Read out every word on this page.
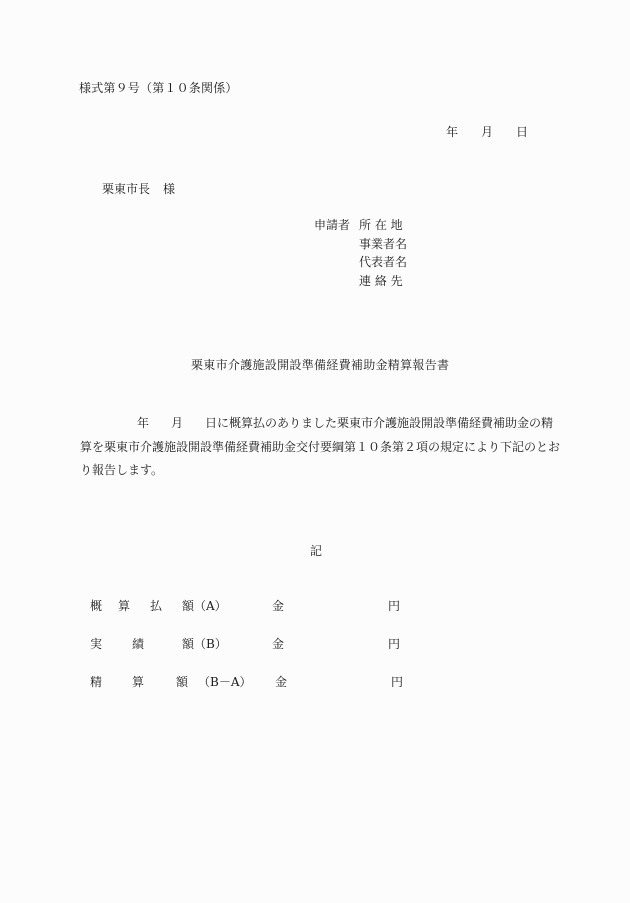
様式第９号（第１０条関係）
年 月 日
栗東市長 様
申請者 所 在 地
事業者名
代表者名
連 絡 先
栗東市介護施設開設準備経費補助金精算報告書
年 月 日に概算払のありました栗東市介護施設開設準備経費補助金の精
算を栗東市介護施設開設準備経費補助金交付要綱第１０条第２項の規定により下記のとお
り報告します。
記
概 算 払 額（A）	金	円
実 績	額（B）	金	円
精 算	額 （B－A） 金	円
